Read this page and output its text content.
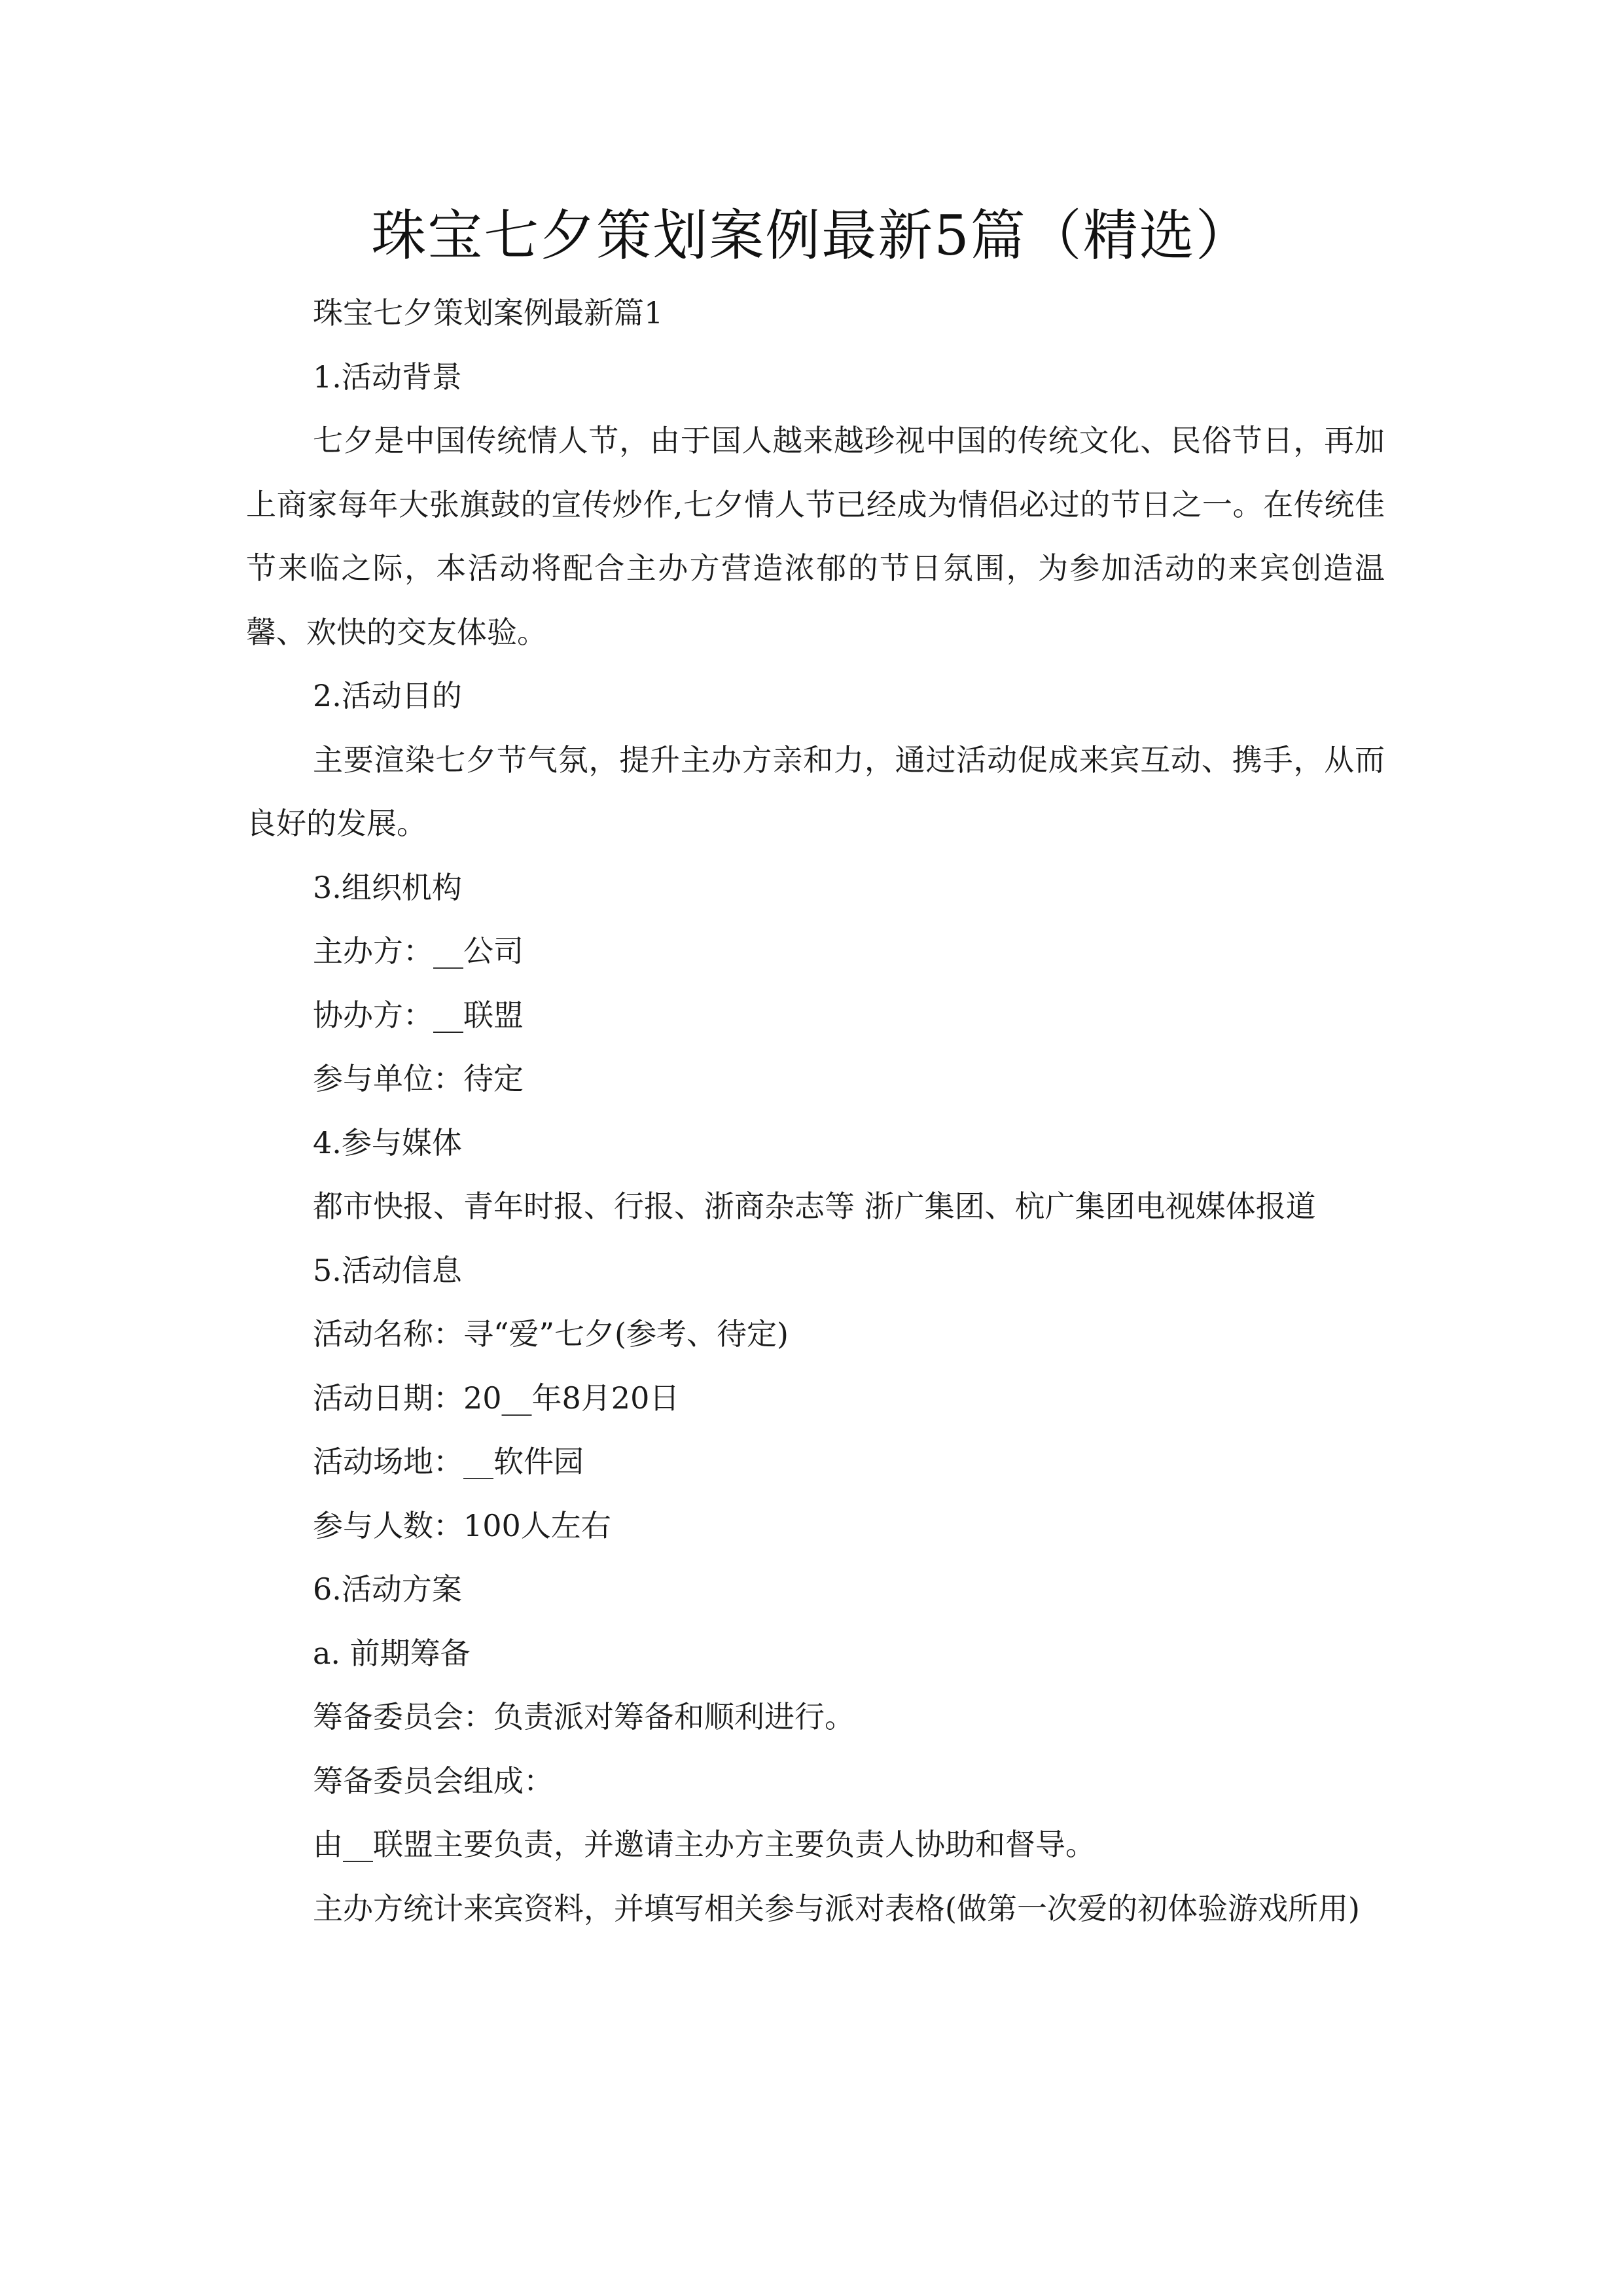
珠宝七夕策划案例最新5篇（精选）

珠宝七夕策划案例最新篇1

1.活动背景

七夕是中国传统情人节，由于国人越来越珍视中国的传统文化、民俗节日，再加上商家每年大张旗鼓的宣传炒作,七夕情人节已经成为情侣必过的节日之一。在传统佳节来临之际，本活动将配合主办方营造浓郁的节日氛围，为参加活动的来宾创造温馨、欢快的交友体验。

2.活动目的

主要渲染七夕节气氛，提升主办方亲和力，通过活动促成来宾互动、携手，从而良好的发展。

3.组织机构

主办方：__公司

协办方：__联盟

参与单位：待定

4.参与媒体

都市快报、青年时报、行报、浙商杂志等 浙广集团、杭广集团电视媒体报道

5.活动信息

活动名称：寻“爱”七夕(参考、待定)

活动日期：20__年8月20日

活动场地：__软件园

参与人数：100人左右

6.活动方案

a. 前期筹备

筹备委员会：负责派对筹备和顺利进行。

筹备委员会组成：

由__联盟主要负责，并邀请主办方主要负责人协助和督导。

主办方统计来宾资料，并填写相关参与派对表格(做第一次爱的初体验游戏所用)
